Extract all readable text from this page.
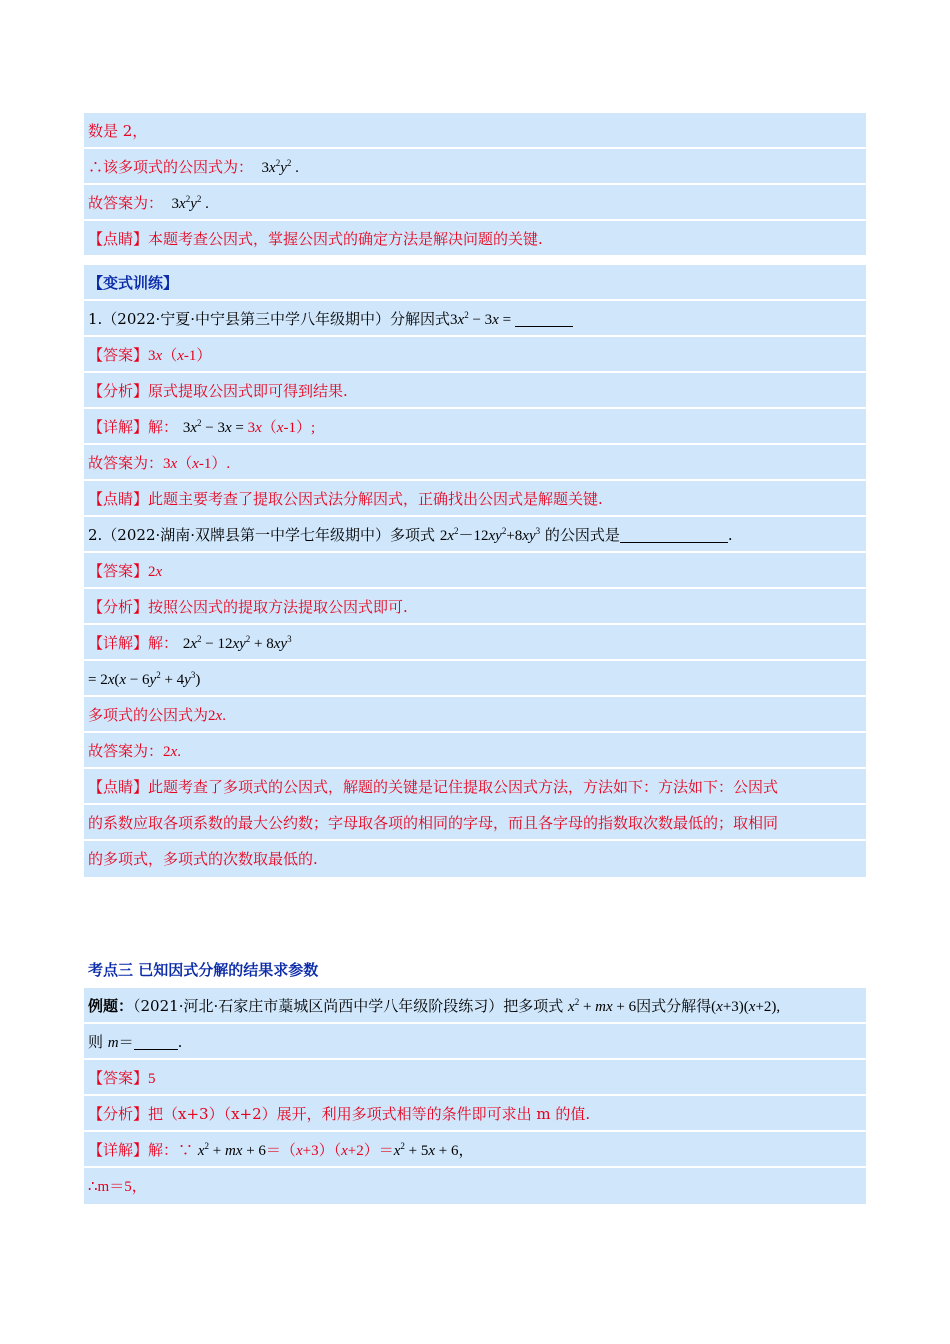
数是 2，
∴该多项式的公因式为：  $3x^2y^2$ .
故答案为：  $3x^2y^2$ .
【点睛】本题考查公因式，掌握公因式的确定方法是解决问题的关键.
【变式训练】
1.（2022·宁夏·中宁县第三中学八年级期中）分解因式$3x^2 - 3x$ =
【答案】3x（x-1）
【分析】原式提取公因式即可得到结果.
【详解】解： $3x^2 - 3x = 3x(x-1)$;
故答案为：3x（x-1）.
【点睛】此题主要考查了提取公因式法分解因式，正确找出公因式是解题关键.
2.（2022·湖南·双牌县第一中学七年级期中）多项式 $2x^2-12xy^2+8xy^3$ 的公因式是	.
【答案】2x
【分析】按照公因式的提取方法提取公因式即可.
【详解】解： $2x^2 - 12xy^2 + 8xy^3$
= $2x(x - 6y^2 + 4y^3)$
多项式的公因式为2x.
故答案为：2x.
【点睛】此题考查了多项式的公因式，解题的关键是记住提取公因式方法，方法如下：方法如下：公因式
的系数应取各项系数的最大公约数；字母取各项的相同的字母，而且各字母的指数取次数最低的；取相同
的多项式，多项式的次数取最低的.
考点三 已知因式分解的结果求参数
例题：（2021·河北·石家庄市藁城区尚西中学八年级阶段练习）把多项式 $x^2$ + mx + 6因式分解得(x+3)(x+2),
则 m＝	.
【答案】5
【分析】把（x+3）（x+2）展开，利用多项式相等的条件即可求出 m 的值.
【详解】解：∵ $x^2$ + mx + $6=(x+3)(x+2)=x^2 + 5x + 6$，
∴m＝5，
